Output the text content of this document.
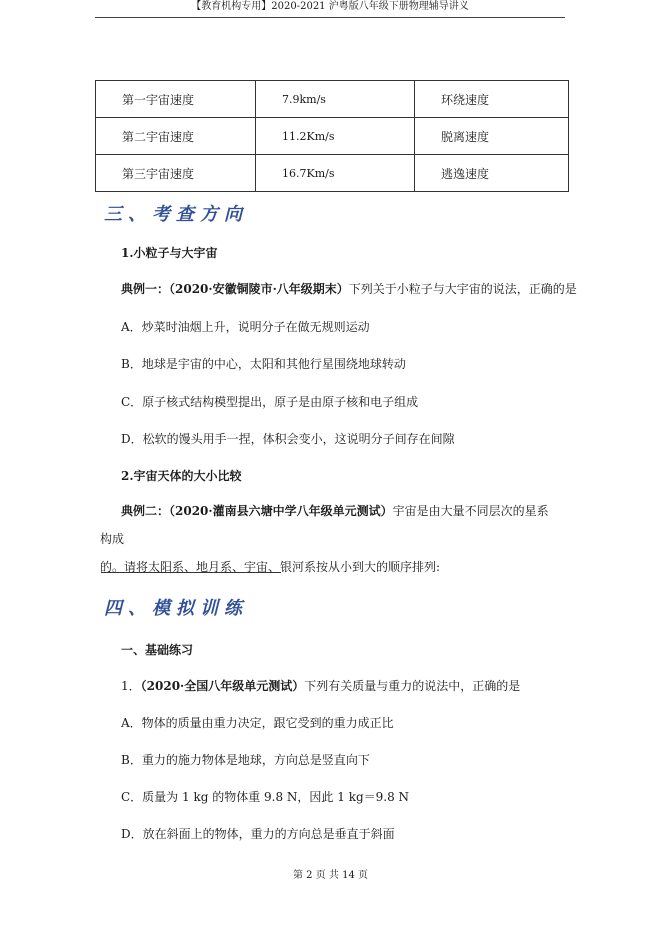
【教育机构专用】2020-2021 沪粤版八年级下册物理辅导讲义
第一宇宙速度	7.9km/s	环绕速度
第二宇宙速度	11.2Km/s	脱离速度
第三宇宙速度	16.7Km/s	逃逸速度
三、考查方向
1.小粒子与大宇宙
典例一：（2020·安徽铜陵市·八年级期末）下列关于小粒子与大宇宙的说法，正确的是
A．炒菜时油烟上升，说明分子在做无规则运动
B．地球是宇宙的中心，太阳和其他行星围绕地球转动
C．原子核式结构模型提出，原子是由原子核和电子组成
D．松软的馒头用手一捏，体积会变小，这说明分子间存在间隙
2.宇宙天体的大小比较
典例二：（2020·灌南县六塘中学八年级单元测试）宇宙是由大量不同层次的星系构成
的。请将太阳系、地月系、宇宙、银河系按从小到大的顺序排列:
四、模拟训练
一、基础练习
1．（2020·全国八年级单元测试）下列有关质量与重力的说法中，正确的是
A．物体的质量由重力决定，跟它受到的重力成正比
B．重力的施力物体是地球，方向总是竖直向下
C．质量为 1 kg 的物体重 9.8 N，因此 1 kg＝9.8 N
D．放在斜面上的物体，重力的方向总是垂直于斜面
第 2 页 共 14 页
